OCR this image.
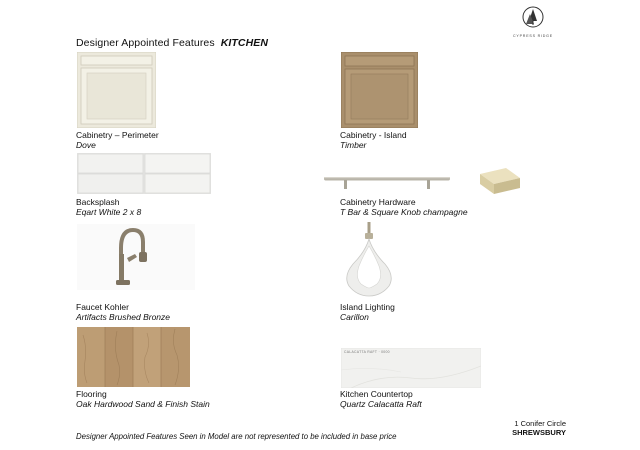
CYPRESS RIDGE
Designer Appointed Features KITCHEN
Cabinetry – Perimeter
Dove
Cabinetry - Island
Timber
Backsplash
Eqart White 2 x 8
Cabinetry Hardware
T Bar & Square Knob champagne
Faucet Kohler
Artifacts Brushed Bronze
Island Lighting
Carillon
Flooring
Oak Hardwood Sand & Finish Stain
CALACATTA RAFT · 0000
Kitchen Countertop
Quartz Calacatta Raft
1 Conifer Circle
SHREWSBURY
Designer Appointed Features Seen in Model are not represented to be included in base price
